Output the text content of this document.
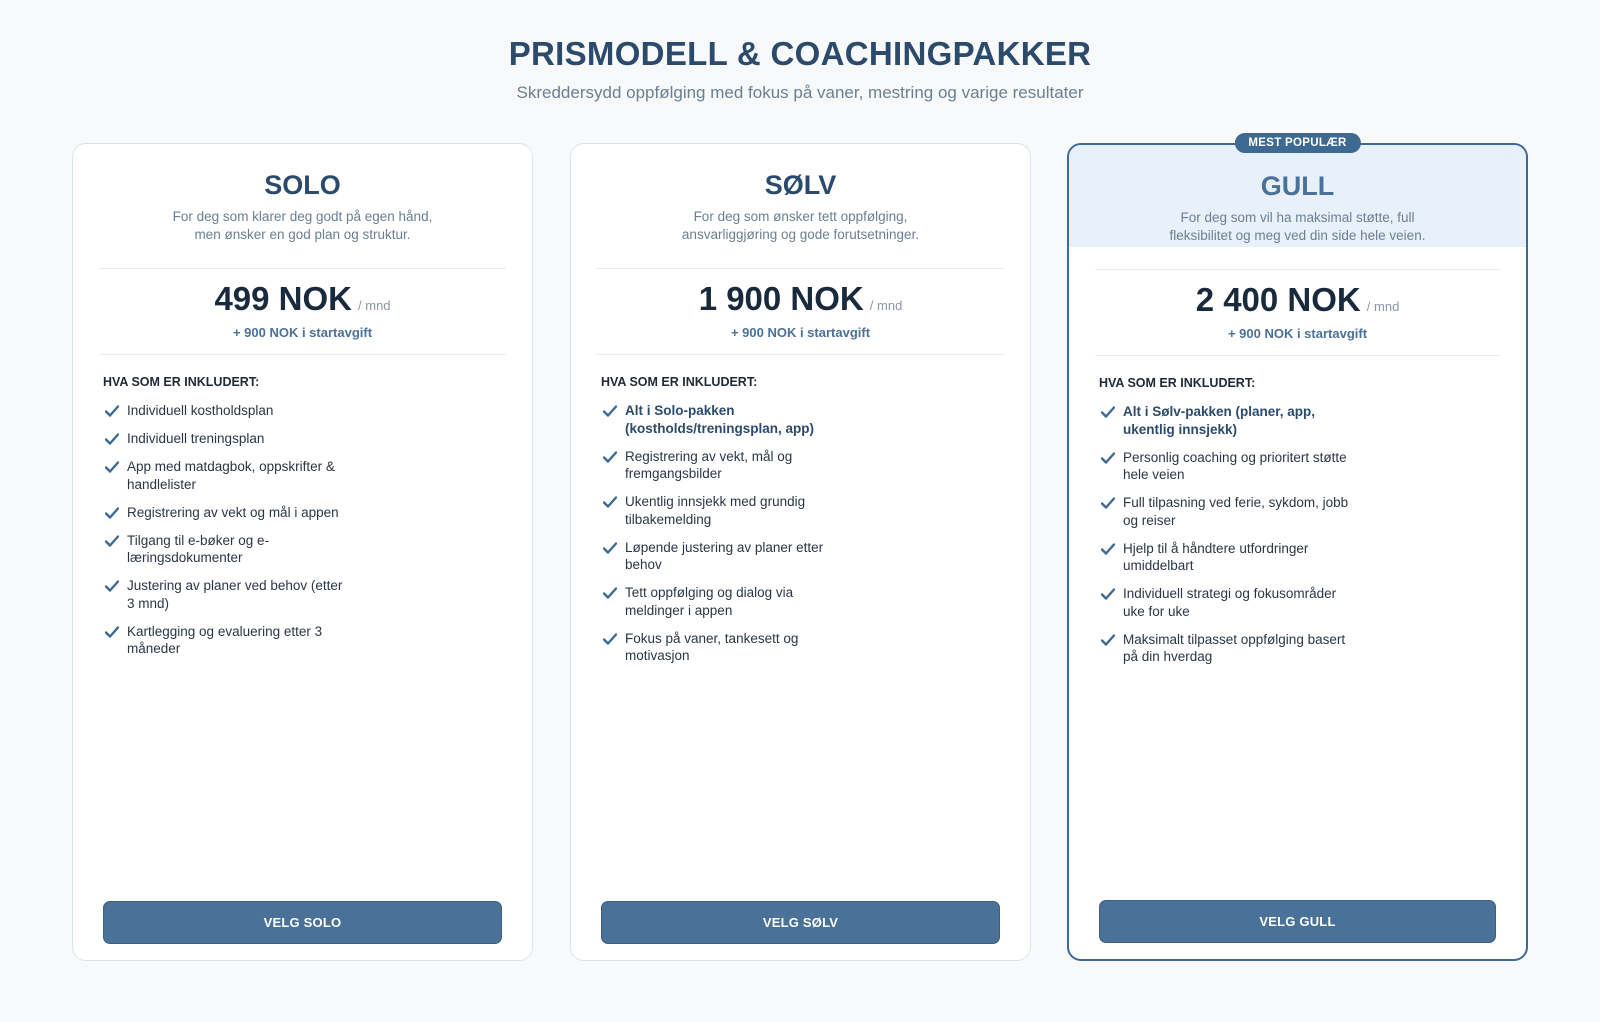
PRISMODELL & COACHINGPAKKER

Skreddersydd oppfølging med fokus på vaner, mestring og varige resultater

SOLO
For deg som klarer deg godt på egen hånd, men ønsker en god plan og struktur.
499 NOK / mnd
+ 900 NOK i startavgift
HVA SOM ER INKLUDERT:
Individuell kostholdsplan
Individuell treningsplan
App med matdagbok, oppskrifter & handlelister
Registrering av vekt og mål i appen
Tilgang til e-bøker og e-læringsdokumenter
Justering av planer ved behov (etter 3 mnd)
Kartlegging og evaluering etter 3 måneder
VELG SOLO
SØLV
For deg som ønsker tett oppfølging, ansvarliggjøring og gode forutsetninger.
1 900 NOK / mnd
+ 900 NOK i startavgift
HVA SOM ER INKLUDERT:
Alt i Solo-pakken (kostholds/treningsplan, app)
Registrering av vekt, mål og fremgangsbilder
Ukentlig innsjekk med grundig tilbakemelding
Løpende justering av planer etter behov
Tett oppfølging og dialog via meldinger i appen
Fokus på vaner, tankesett og motivasjon
VELG SØLV
MEST POPULÆR
GULL
For deg som vil ha maksimal støtte, full fleksibilitet og meg ved din side hele veien.
2 400 NOK / mnd
+ 900 NOK i startavgift
HVA SOM ER INKLUDERT:
Alt i Sølv-pakken (planer, app, ukentlig innsjekk)
Personlig coaching og prioritert støtte hele veien
Full tilpasning ved ferie, sykdom, jobb og reiser
Hjelp til å håndtere utfordringer umiddelbart
Individuell strategi og fokusområder uke for uke
Maksimalt tilpasset oppfølging basert på din hverdag
VELG GULL
